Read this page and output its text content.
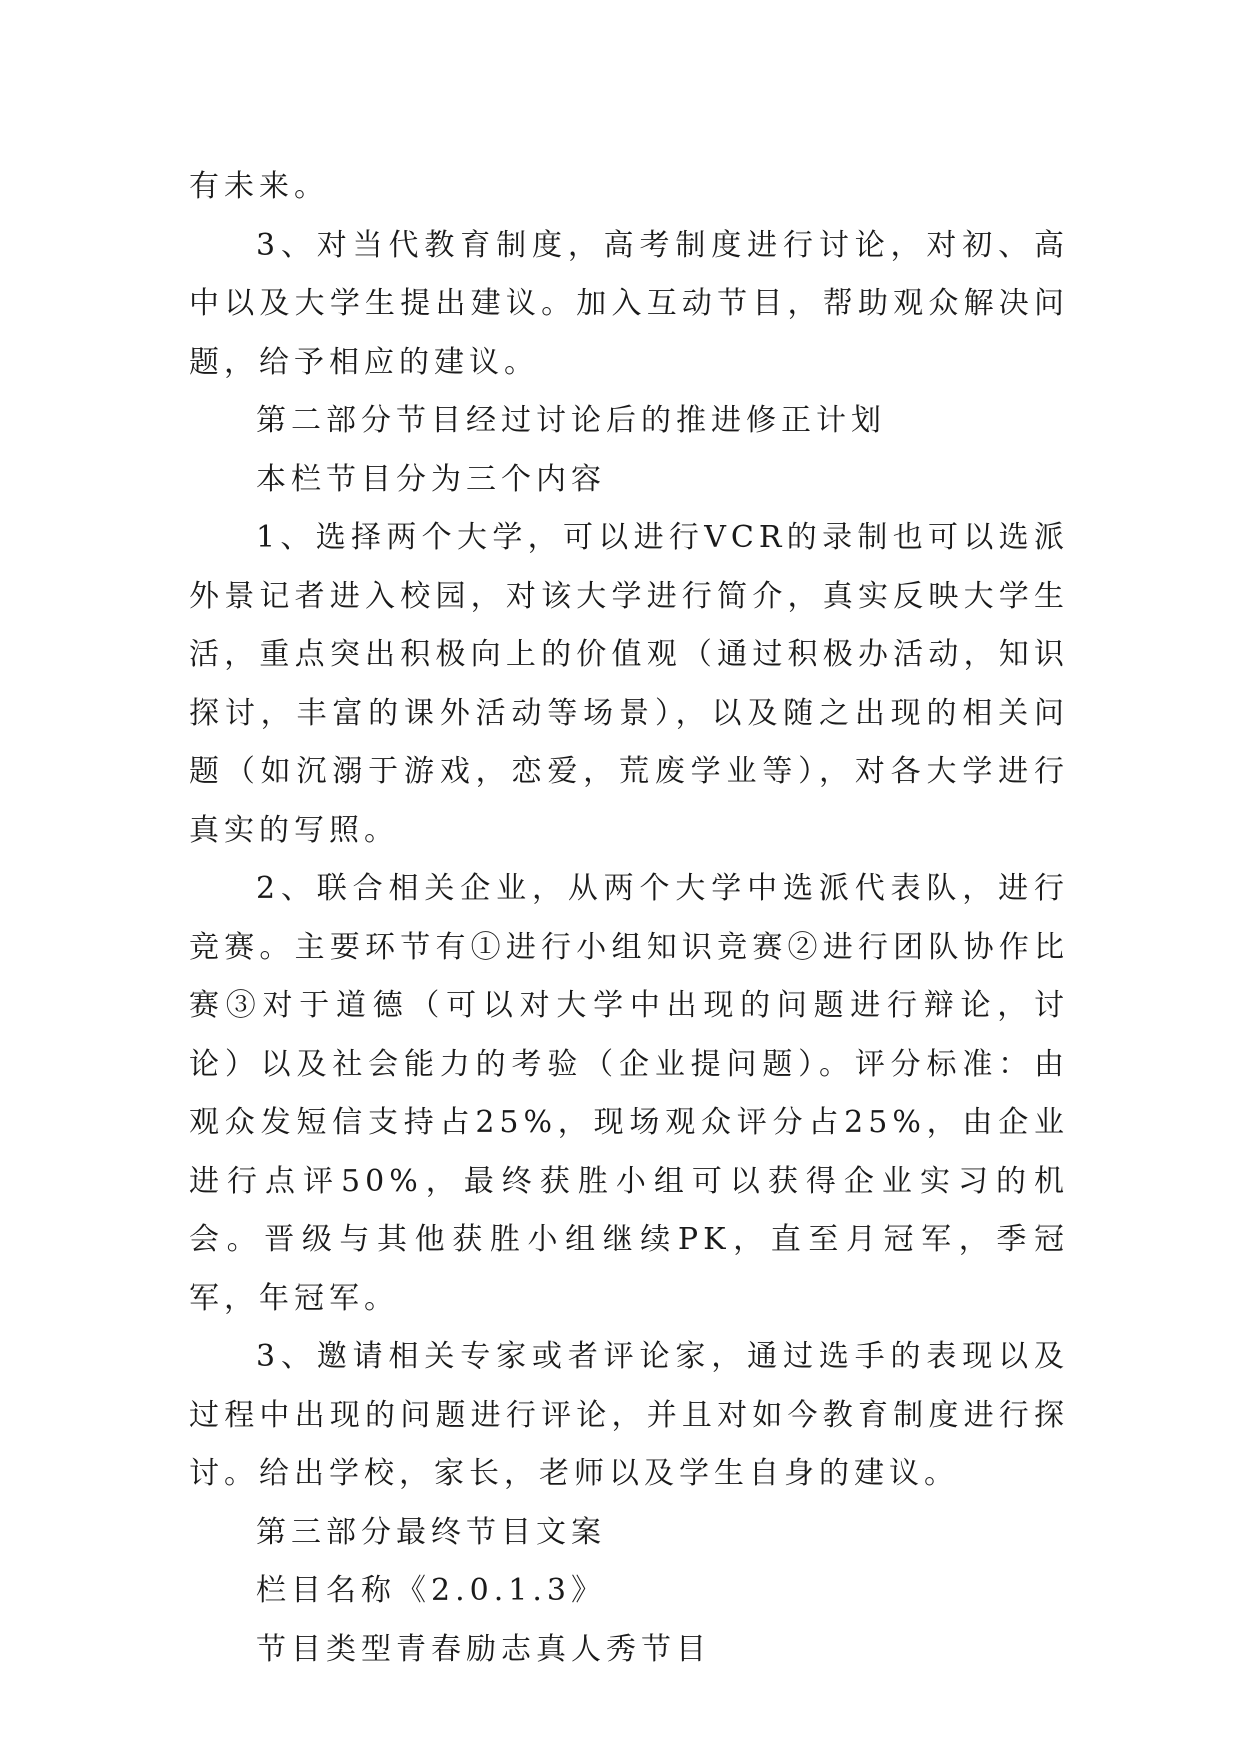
有未来。

3、对当代教育制度，高考制度进行讨论，对初、高中以及大学生提出建议。加入互动节目，帮助观众解决问题，给予相应的建议。

第二部分节目经过讨论后的推进修正计划

本栏节目分为三个内容

1、选择两个大学，可以进行VCR的录制也可以选派外景记者进入校园，对该大学进行简介，真实反映大学生活，重点突出积极向上的价值观（通过积极办活动，知识探讨，丰富的课外活动等场景），以及随之出现的相关问题（如沉溺于游戏，恋爱，荒废学业等），对各大学进行真实的写照。

2、联合相关企业，从两个大学中选派代表队，进行竞赛。主要环节有①进行小组知识竞赛②进行团队协作比赛③对于道德（可以对大学中出现的问题进行辩论，讨论）以及社会能力的考验（企业提问题）。评分标准：由观众发短信支持占25%，现场观众评分占25%，由企业进行点评50%，最终获胜小组可以获得企业实习的机会。晋级与其他获胜小组继续PK，直至月冠军，季冠军，年冠军。

3、邀请相关专家或者评论家，通过选手的表现以及过程中出现的问题进行评论，并且对如今教育制度进行探讨。给出学校，家长，老师以及学生自身的建议。

第三部分最终节目文案

栏目名称《2.0.1.3》

节目类型青春励志真人秀节目
